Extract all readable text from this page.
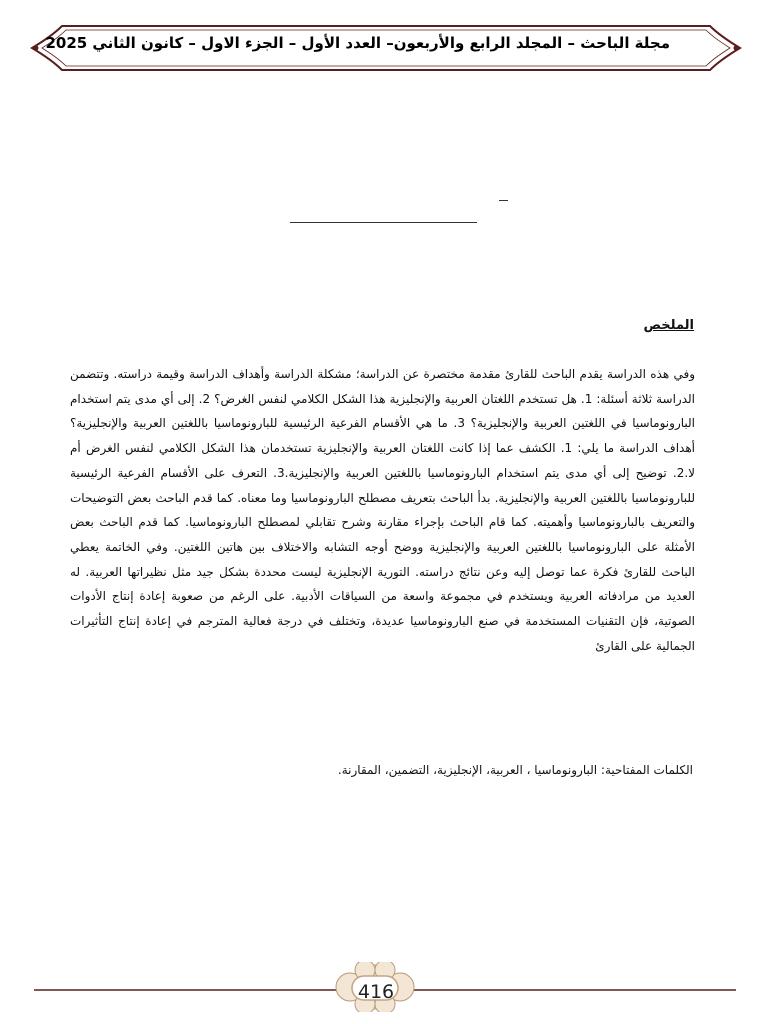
مجلة الباحث – المجلد الرابع والأربعون– العدد الأول – الجزء الاول – كانون الثاني 2025
الملخص

وفي هذه الدراسة يقدم الباحث للقارئ مقدمة مختصرة عن الدراسة؛ مشكلة الدراسة وأهداف الدراسة وقيمة دراسته. وتتضمن الدراسة ثلاثة أسئلة: 1. هل تستخدم اللغتان العربية والإنجليزية هذا الشكل الكلامي لنفس الغرض؟ 2. إلى أي مدى يتم استخدام البارونوماسيا في اللغتين العربية والإنجليزية؟ 3. ما هي الأقسام الفرعية الرئيسية للبارونوماسيا باللغتين العربية والإنجليزية؟ أهداف الدراسة ما يلي: 1. الكشف عما إذا كانت اللغتان العربية والإنجليزية تستخدمان هذا الشكل الكلامي لنفس الغرض أم لا.2. توضيح إلى أي مدى يتم استخدام البارونوماسيا باللغتين العربية والإنجليزية.3. التعرف على الأقسام الفرعية الرئيسية للبارونوماسيا باللغتين العربية والإنجليزية. بدأ الباحث بتعريف مصطلح البارونوماسيا وما معناه. كما قدم الباحث بعض التوضيحات والتعريف بالبارونوماسيا وأهميته. كما قام الباحث بإجراء مقارنة وشرح تقابلي لمصطلح البارونوماسيا. كما قدم الباحث بعض الأمثلة على البارونوماسيا باللغتين العربية والإنجليزية ووضح أوجه التشابه والاختلاف بين هاتين اللغتين. وفي الخاتمة يعطي الباحث للقارئ فكرة عما توصل إليه وعن نتائج دراسته. التورية الإنجليزية ليست محددة بشكل جيد مثل نظيراتها العربية. له العديد من مرادفاته العربية ويستخدم في مجموعة واسعة من السياقات الأدبية. على الرغم من صعوبة إعادة إنتاج الأدوات الصوتية، فإن التقنيات المستخدمة في صنع البارونوماسيا عديدة، وتختلف في درجة فعالية المترجم في إعادة إنتاج التأثيرات الجمالية على القارئ

الكلمات المفتاحية: البارونوماسيا ، العربية، الإنجليزية، التضمين، المقارنة.
416
